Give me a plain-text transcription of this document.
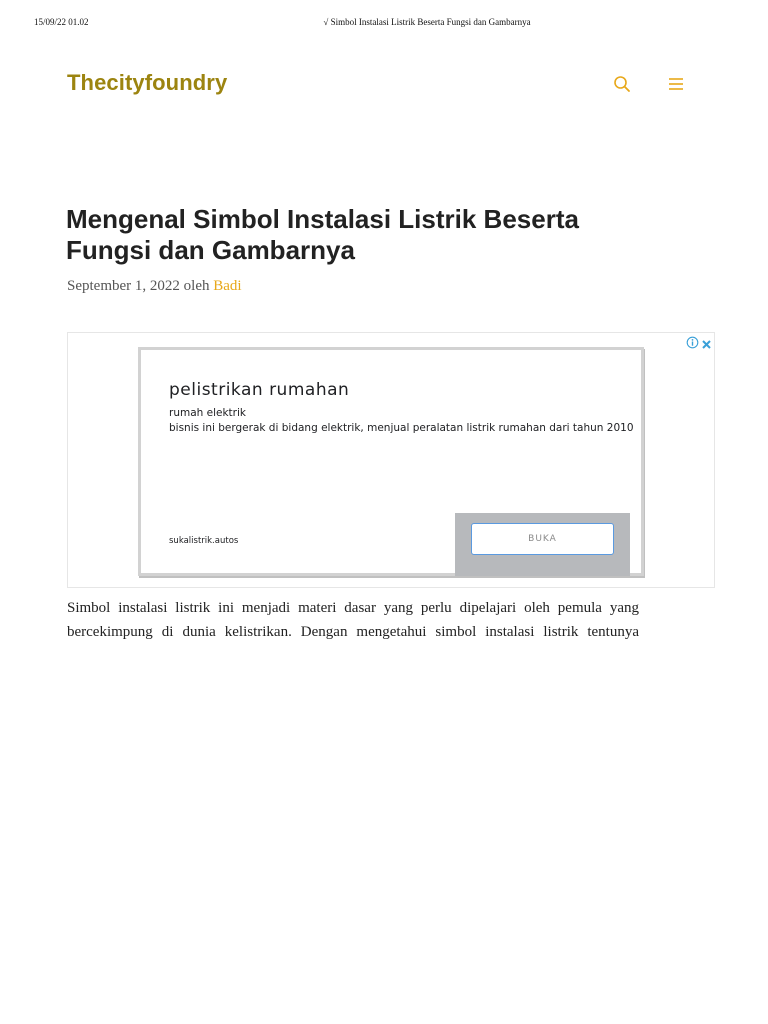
15/09/22 01.02	√ Simbol Instalasi Listrik Beserta Fungsi dan Gambarnya
Thecityfoundry
Mengenal Simbol Instalasi Listrik Beserta Fungsi dan Gambarnya
September 1, 2022 oleh Badi
pelistrikan rumahan
rumah elektrik
bisnis ini bergerak di bidang elektrik, menjual peralatan listrik rumahan dari tahun 2010
sukalistrik.autos	BUKA

Simbol instalasi listrik ini menjadi materi dasar yang perlu dipelajari oleh pemula yang

bercekimpung di dunia kelistrikan. Dengan mengetahui simbol instalasi listrik tentunya
